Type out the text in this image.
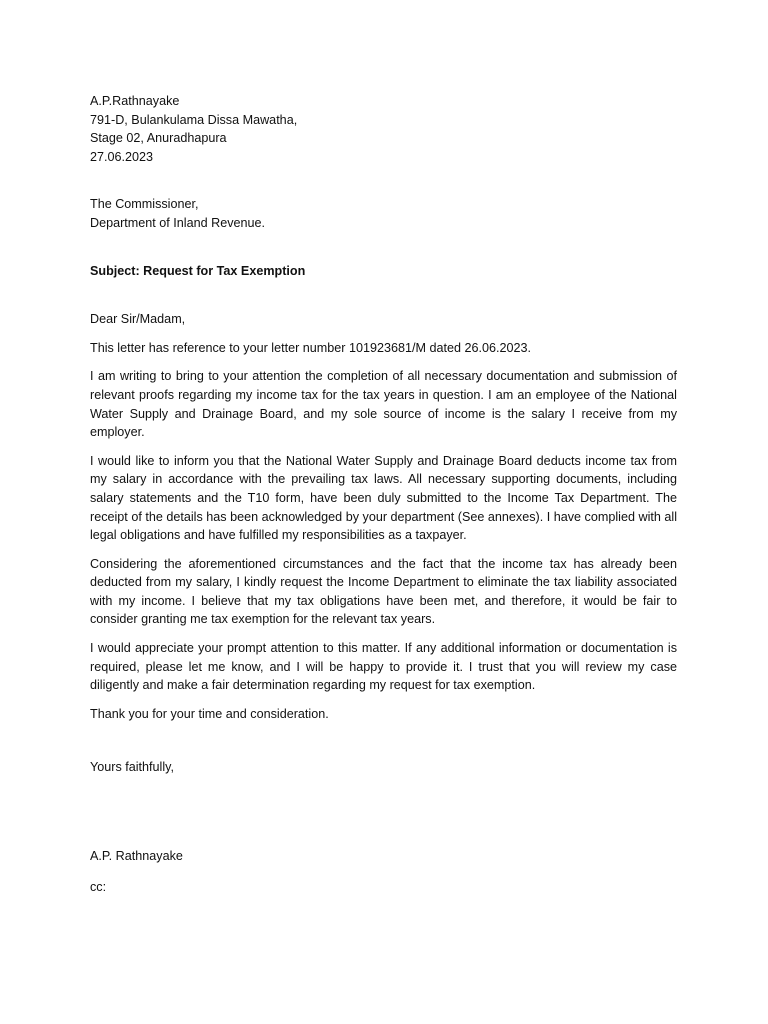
A.P.Rathnayake
791-D, Bulankulama Dissa Mawatha,
Stage 02, Anuradhapura
27.06.2023
The Commissioner,
Department of Inland Revenue.
Subject: Request for Tax Exemption
Dear Sir/Madam,
This letter has reference to your letter number 101923681/M dated 26.06.2023.

I am writing to bring to your attention the completion of all necessary documentation and submission of relevant proofs regarding my income tax for the tax years in question. I am an employee of the National Water Supply and Drainage Board, and my sole source of income is the salary I receive from my employer.

I would like to inform you that the National Water Supply and Drainage Board deducts income tax from my salary in accordance with the prevailing tax laws. All necessary supporting documents, including salary statements and the T10 form, have been duly submitted to the Income Tax Department. The receipt of the details has been acknowledged by your department (See annexes). I have complied with all legal obligations and have fulfilled my responsibilities as a taxpayer.

Considering the aforementioned circumstances and the fact that the income tax has already been deducted from my salary, I kindly request the Income Department to eliminate the tax liability associated with my income. I believe that my tax obligations have been met, and therefore, it would be fair to consider granting me tax exemption for the relevant tax years.

I would appreciate your prompt attention to this matter. If any additional information or documentation is required, please let me know, and I will be happy to provide it. I trust that you will review my case diligently and make a fair determination regarding my request for tax exemption.

Thank you for your time and consideration.
Yours faithfully,
A.P. Rathnayake
cc:
